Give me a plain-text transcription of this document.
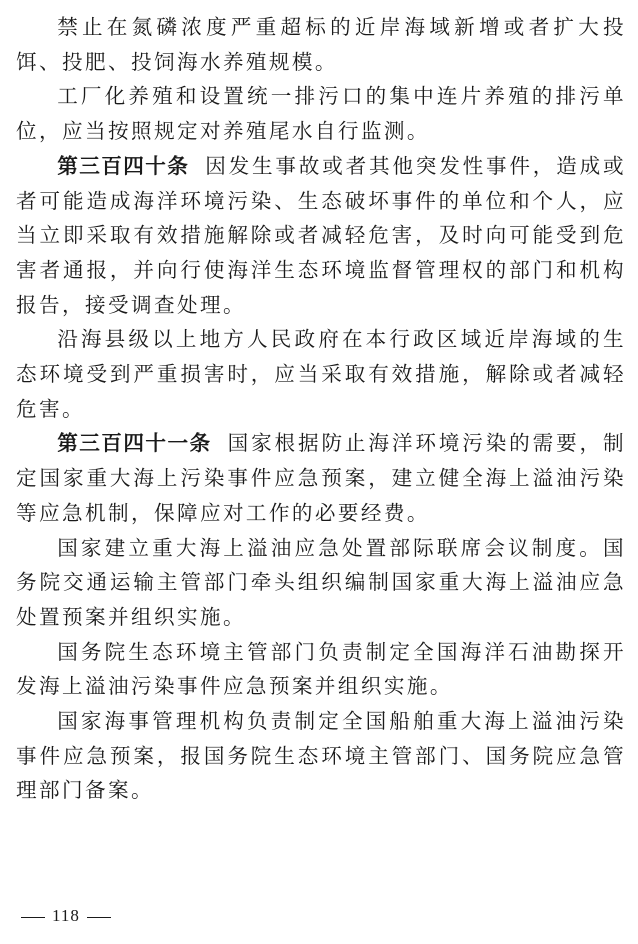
禁止在氮磷浓度严重超标的近岸海域新增或者扩大投饵、投肥、投饲海水养殖规模。

工厂化养殖和设置统一排污口的集中连片养殖的排污单位，应当按照规定对养殖尾水自行监测。

第三百四十条 因发生事故或者其他突发性事件，造成或者可能造成海洋环境污染、生态破坏事件的单位和个人，应当立即采取有效措施解除或者减轻危害，及时向可能受到危害者通报，并向行使海洋生态环境监督管理权的部门和机构报告，接受调查处理。

沿海县级以上地方人民政府在本行政区域近岸海域的生态环境受到严重损害时，应当采取有效措施，解除或者减轻危害。

第三百四十一条 国家根据防止海洋环境污染的需要，制定国家重大海上污染事件应急预案，建立健全海上溢油污染等应急机制，保障应对工作的必要经费。

国家建立重大海上溢油应急处置部际联席会议制度。国务院交通运输主管部门牵头组织编制国家重大海上溢油应急处置预案并组织实施。

国务院生态环境主管部门负责制定全国海洋石油勘探开发海上溢油污染事件应急预案并组织实施。

国家海事管理机构负责制定全国船舶重大海上溢油污染事件应急预案，报国务院生态环境主管部门、国务院应急管理部门备案。

118
